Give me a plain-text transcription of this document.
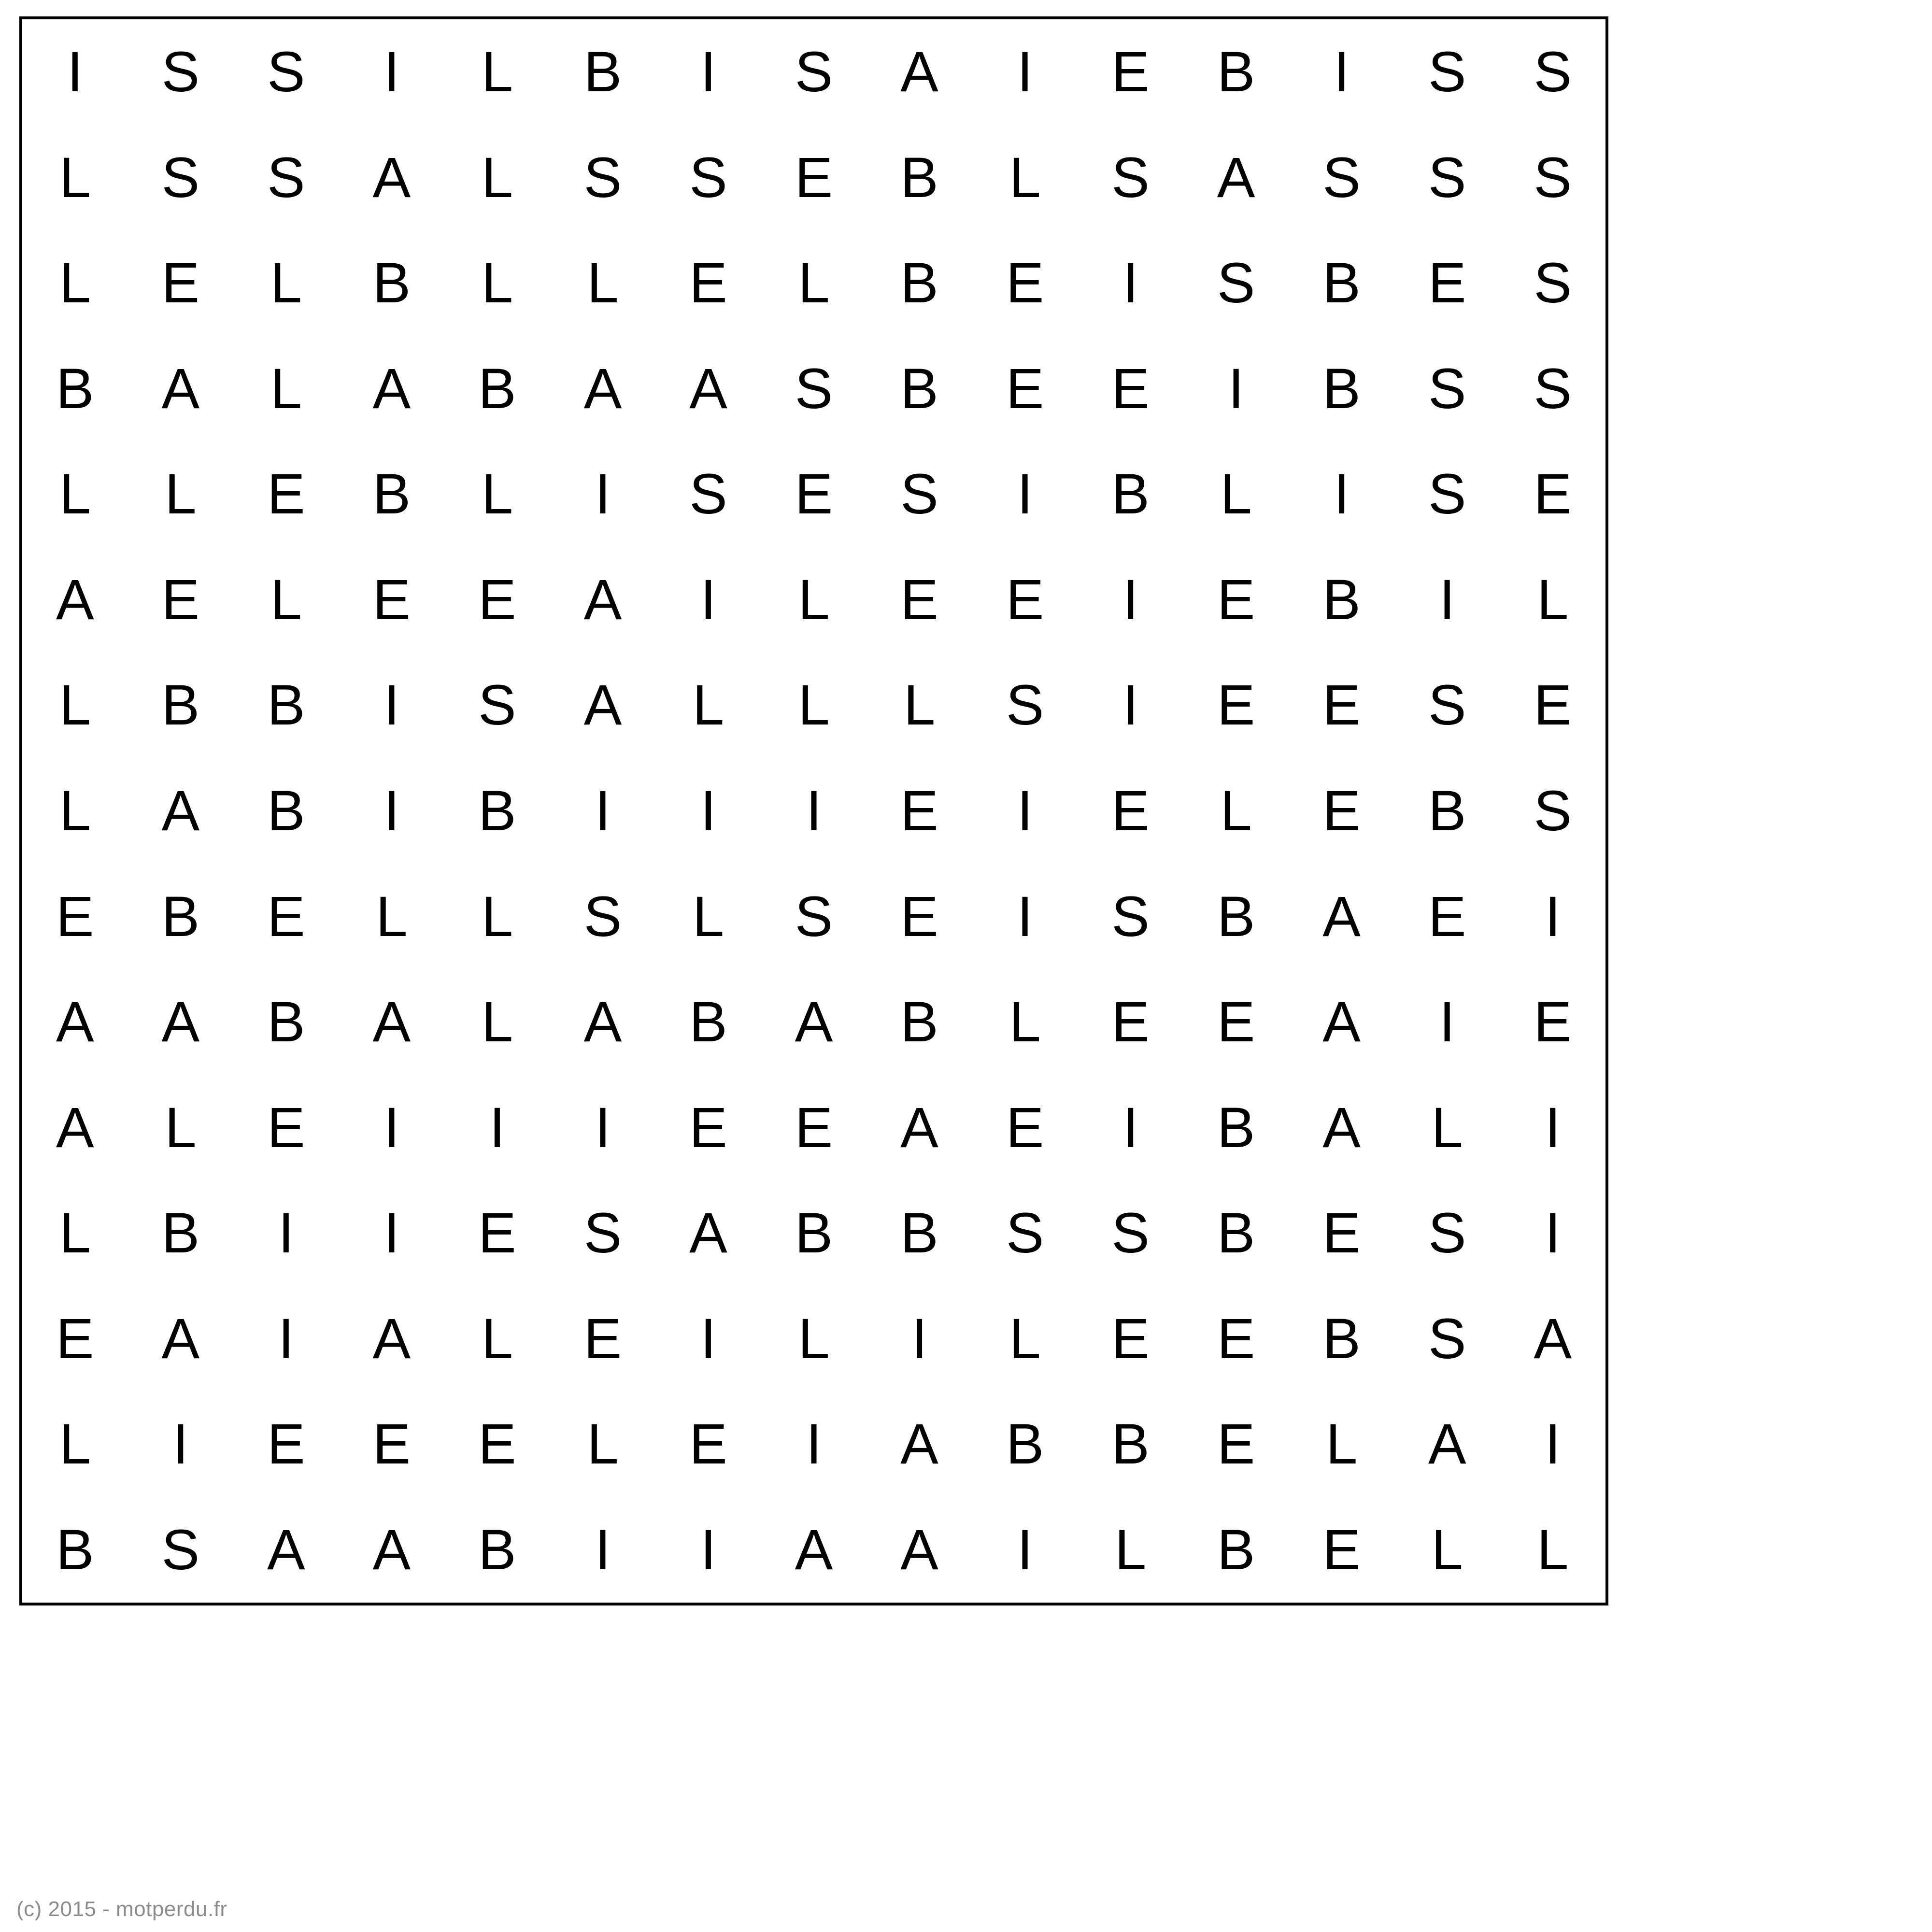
I	S	S	I	L	B	I	S	A	I	E	B	I	S	S
L	S	S	A	L	S	S	E	B	L	S	A	S	S	S
L	E	L	B	L	L	E	L	B	E	I	S	B	E	S
B	A	L	A	B	A	A	S	B	E	E	I	B	S	S
L	L	E	B	L	I	S	E	S	I	B	L	I	S	E
A	E	L	E	E	A	I	L	E	E	I	E	B	I	L
L	B	B	I	S	A	L	L	L	S	I	E	E	S	E
L	A	B	I	B	I	I	I	E	I	E	L	E	B	S
E	B	E	L	L	S	L	S	E	I	S	B	A	E	I
A	A	B	A	L	A	B	A	B	L	E	E	A	I	E
A	L	E	I	I	I	E	E	A	E	I	B	A	L	I
L	B	I	I	E	S	A	B	B	S	S	B	E	S	I
E	A	I	A	L	E	I	L	I	L	E	E	B	S	A
L	I	E	E	E	L	E	I	A	B	B	E	L	A	I
B	S	A	A	B	I	I	A	A	I	L	B	E	L	L
(c) 2015 - motperdu.fr
